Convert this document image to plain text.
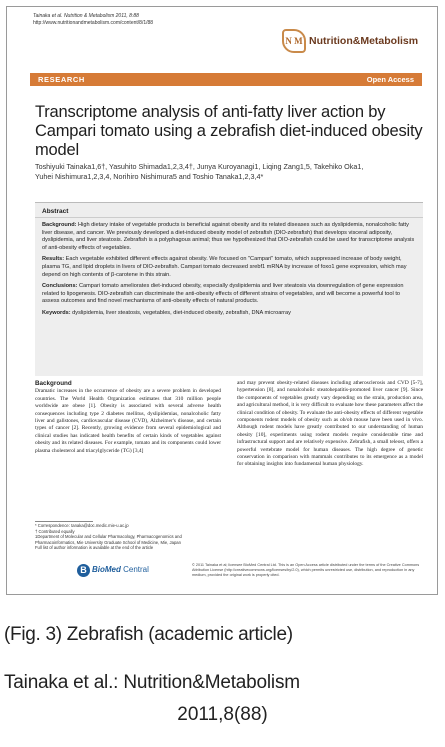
Tainaka et al. Nutrition & Metabolism 2011, 8:88
http://www.nutritionandmetabolism.com/content/8/1/88
N M Nutrition&Metabolism
RESEARCH	Open Access
Transcriptome analysis of anti-fatty liver action by Campari tomato using a zebrafish diet-induced obesity model
Toshiyuki Tainaka1,6†, Yasuhito Shimada1,2,3,4†, Junya Kuroyanagi1, Liqing Zang1,5, Takehiko Oka1,
Yuhei Nishimura1,2,3,4, Norihiro Nishimura5 and Toshio Tanaka1,2,3,4*
Abstract

Background: High dietary intake of vegetable products is beneficial against obesity and its related diseases such as dyslipidemia, nonalcoholic fatty liver disease, and cancer. We previously developed a diet-induced obesity model of zebrafish (DIO-zebrafish) that develops visceral adiposity, dyslipidemia, and liver steatosis. Zebrafish is a polyphagous animal; thus we hypothesized that DIO-zebrafish could be used for transcriptome analysis of anti-obesity effects of vegetables.

Results: Each vegetable exhibited different effects against obesity. We focused on "Campari" tomato, which suppressed increase of body weight, plasma TG, and lipid droplets in livers of DIO-zebrafish. Campari tomato decreased srebf1 mRNA by increase of foxo1 gene expression, which may depend on high contents of β-carotene in this strain.

Conclusions: Campari tomato ameliorates diet-induced obesity, especially dyslipidemia and liver steatosis via downregulation of gene expression related to lipogenesis. DIO-zebrafish can discriminate the anti-obesity effects of different strains of vegetables, and will become a powerful tool to assess outcomes and find novel mechanisms of anti-obesity effects of natural products.

Keywords: dyslipidemia, liver steatosis, vegetables, diet-induced obesity, zebrafish, DNA microarray

Background

Dramatic increases in the occurrence of obesity are a severe problem in developed countries. The World Health Organization estimates that 310 million people worldwide are obese [1]. Obesity is associated with several adverse health consequences including type 2 diabetes mellitus, dyslipidemias, nonalcoholic fatty liver and gallstones, cardiovascular disease (CVD), Alzheimer's disease, and certain types of cancer [2]. Recently, growing evidence from several epidemiological and clinical studies has indicated health benefits of certain kinds of vegetables against obesity and its related diseases. For example, tomato and its components could lower plasma cholesterol and triacylglyceride (TG) [3,4]

and may prevent obesity-related diseases including atherosclerosis and CVD [5-7], hypertension [8], and nonalcoholic steatohepatitis-promoted liver cancer [9]. Since the components of vegetables greatly vary depending on the strain, production area, and agricultural method, it is very difficult to evaluate how these parameters affect the clinical condition of obesity. To evaluate the anti-obesity effects of different vegetable components rodent models of obesity such as ob/ob mouse have been used in vivo. Although rodent models have greatly contributed to our understanding of human obesity [10], experiments using rodent models require considerable time and infrastructural support and are relatively expensive. Zebrafish, a small teleost, offers a powerful vertebrate model for human diseases. The high degree of genetic conservation in comparison with mammals contributes to its emergence as a model for obtaining insights into fundamental human physiology.

* Correspondence: tanaka@doc.medic.mie-u.ac.jp
† Contributed equally
1Department of Molecular and Cellular Pharmacology, Pharmacogenomics and Pharmacoinformatics, Mie University Graduate School of Medicine, Mie, Japan
Full list of author information is available at the end of the article
B BioMed Central	© 2011 Tainaka et al; licensee BioMed Central Ltd. This is an Open Access article distributed under the terms of the Creative Commons Attribution License (http://creativecommons.org/licenses/by/2.0), which permits unrestricted use, distribution, and reproduction in any medium, provided the original work is properly cited.
(Fig. 3) Zebrafish (academic article)
Tainaka et al.: Nutrition&Metabolism
2011,8(88)
